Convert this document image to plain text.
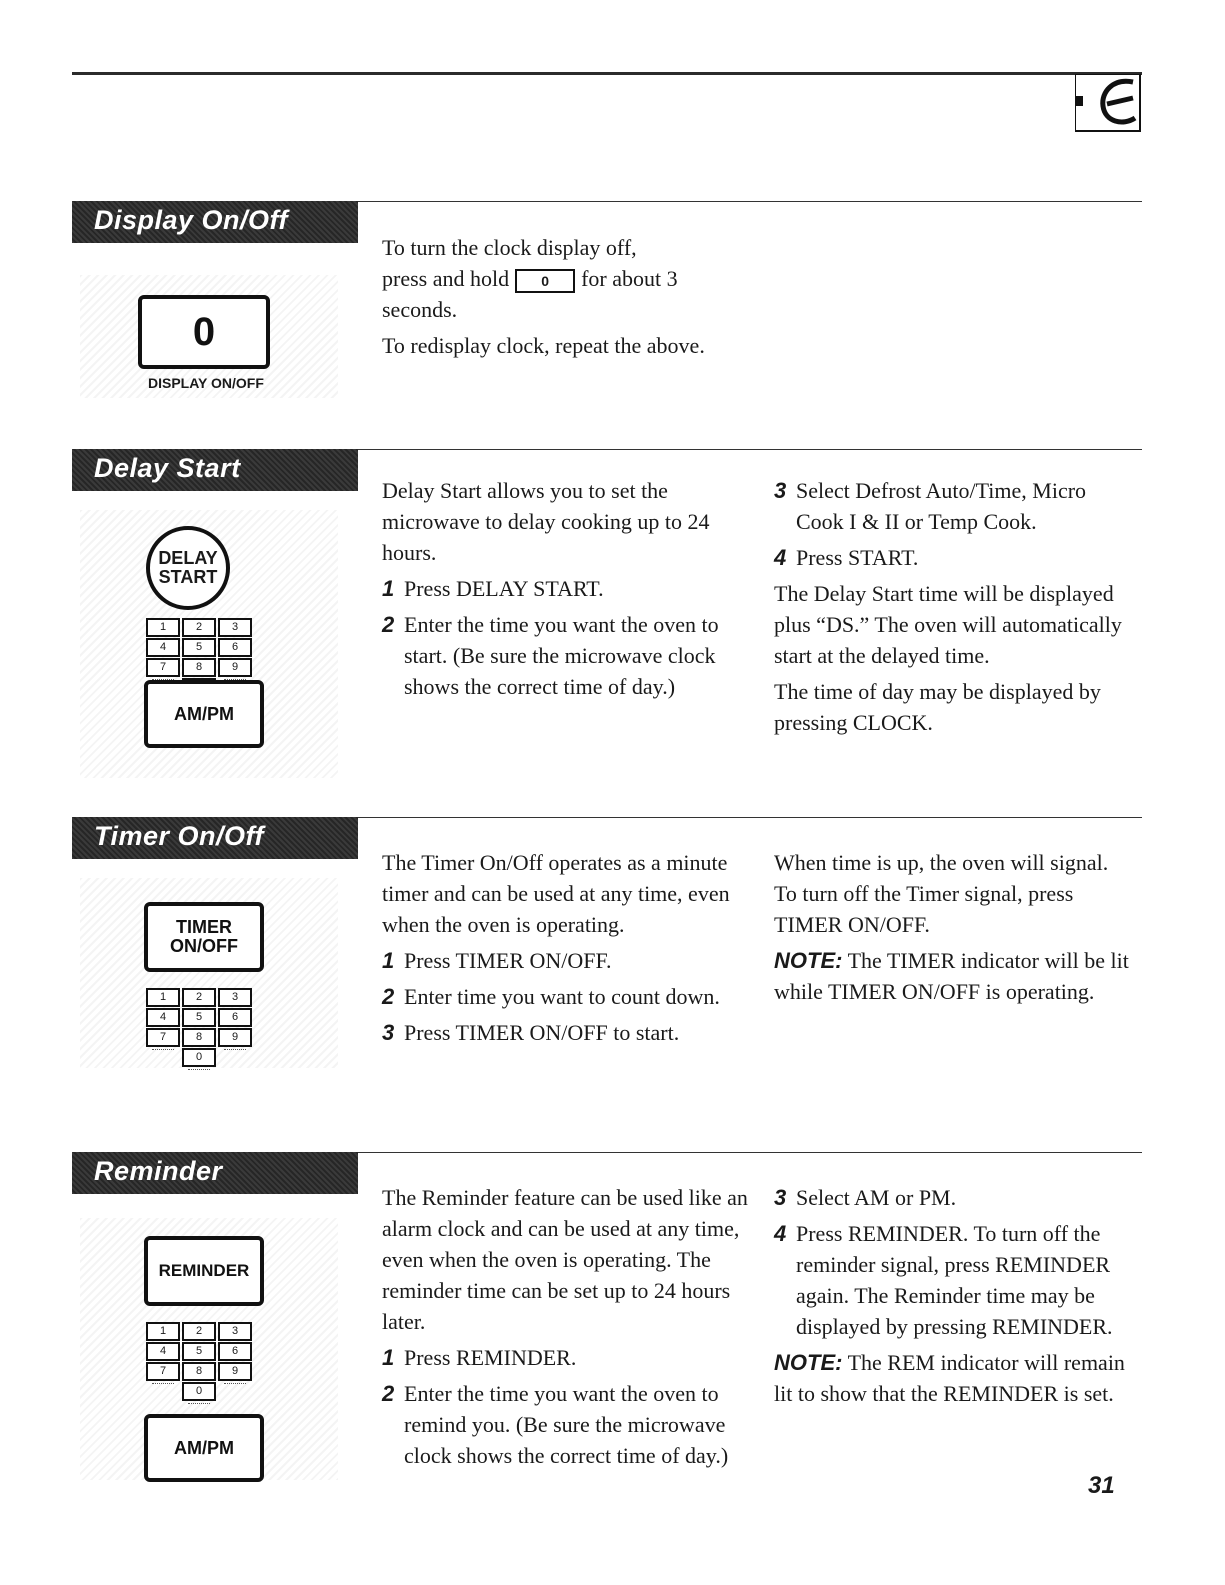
Display On/Off
0
DISPLAY ON/OFF

To turn the clock display off,
press and hold 0 for about 3
seconds.

To redisplay clock, repeat the above.

Delay Start
DELAY START
1	2	3
4	5	6
7	8	9
AM/PM

Delay Start allows you to set the microwave to delay cooking up to 24 hours.

1 Press DELAY START.
2 Enter the time you want the oven to start. (Be sure the microwave clock shows the correct time of day.)
3 Select Defrost Auto/Time, Micro Cook I & II or Temp Cook.
4 Press START.

The Delay Start time will be displayed plus “DS.” The oven will automatically start at the delayed time.

The time of day may be displayed by pressing CLOCK.

Timer On/Off
TIMER ON/OFF
1	2	3
4	5	6
7	8	9
0

The Timer On/Off operates as a minute timer and can be used at any time, even when the oven is operating.

1 Press TIMER ON/OFF.
2 Enter time you want to count down.
3 Press TIMER ON/OFF to start.

When time is up, the oven will signal. To turn off the Timer signal, press TIMER ON/OFF.

NOTE: The TIMER indicator will be lit while TIMER ON/OFF is operating.

Reminder
REMINDER
1	2	3
4	5	6
7	8	9
0
AM/PM

The Reminder feature can be used like an alarm clock and can be used at any time, even when the oven is operating. The reminder time can be set up to 24 hours later.

1 Press REMINDER.
2 Enter the time you want the oven to remind you. (Be sure the microwave clock shows the correct time of day.)
3 Select AM or PM.
4 Press REMINDER. To turn off the reminder signal, press REMINDER again. The Reminder time may be displayed by pressing REMINDER.

NOTE: The REM indicator will remain lit to show that the REMINDER is set.

31
